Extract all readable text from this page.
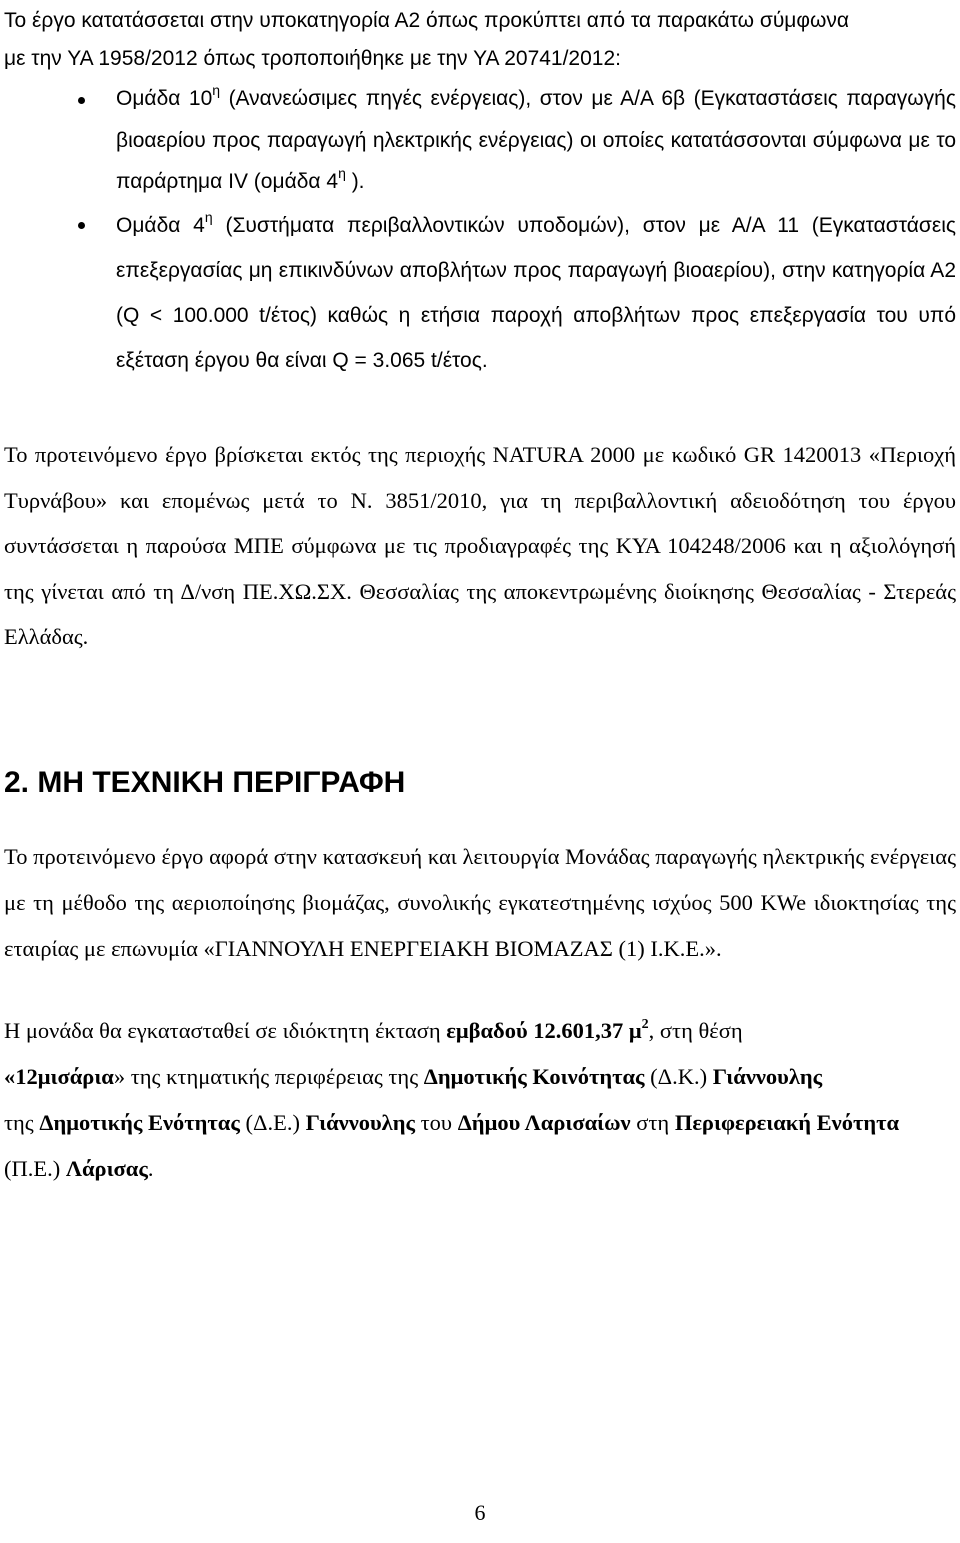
Το έργο κατατάσσεται στην υποκατηγορία Α2 όπως προκύπτει από τα παρακάτω σύμφωνα
με την ΥΑ 1958/2012 όπως τροποποιήθηκε με την ΥΑ 20741/2012:

Ομάδα $10^\eta$ (Ανανεώσιμες πηγές ενέργειας), στον με Α/Α 6β (Εγκαταστάσεις παραγωγής βιοαερίου προς παραγωγή ηλεκτρικής ενέργειας) οι οποίες κατατάσσονται σύμφωνα με το παράρτημα IV (ομάδα $4^\eta$ ).
Ομάδα $4^\eta$ (Συστήματα περιβαλλοντικών υποδομών), στον με Α/Α 11 (Εγκαταστάσεις επεξεργασίας μη επικινδύνων αποβλήτων προς παραγωγή βιοαερίου), στην κατηγορία Α2 (Q < 100.000 t/έτος) καθώς η ετήσια παροχή αποβλήτων προς επεξεργασία του υπό εξέταση έργου θα είναι Q = 3.065 t/έτος.

Το προτεινόμενο έργο βρίσκεται εκτός της περιοχής NATURA 2000 με κωδικό GR 1420013 «Περιοχή Τυρνάβου» και επομένως μετά το Ν. 3851/2010, για τη περιβαλλοντική αδειοδότηση του έργου συντάσσεται η παρούσα ΜΠΕ σύμφωνα με τις προδιαγραφές της ΚΥΑ 104248/2006 και η αξιολόγησή της γίνεται από τη Δ/νση ΠΕ.ΧΩ.ΣΧ. Θεσσαλίας της αποκεντρωμένης διοίκησης Θεσσαλίας - Στερεάς Ελλάδας.

2. ΜΗ ΤΕΧΝΙΚΗ ΠΕΡΙΓΡΑΦΗ

Το προτεινόμενο έργο αφορά στην κατασκευή και λειτουργία Μονάδας παραγωγής ηλεκτρικής ενέργειας με τη μέθοδο της αεριοποίησης βιομάζας, συνολικής εγκατεστημένης ισχύος 500 KWe ιδιοκτησίας της εταιρίας με επωνυμία «ΓΙΑΝΝΟΥΛΗ ΕΝΕΡΓΕΙΑΚΗ ΒΙΟΜΑΖΑΣ (1) Ι.Κ.Ε.».

Η μονάδα θα εγκατασταθεί σε ιδιόκτητη έκταση εμβαδού 12.601,37 $\mu^2$, στη θέση
«12μισάρια» της κτηματικής περιφέρειας της Δημοτικής Κοινότητας (Δ.Κ.) Γιάννουλης
της Δημοτικής Ενότητας (Δ.Ε.) Γιάννουλης του Δήμου Λαρισαίων στη Περιφερειακή Ενότητα
(Π.Ε.) Λάρισας.

6
